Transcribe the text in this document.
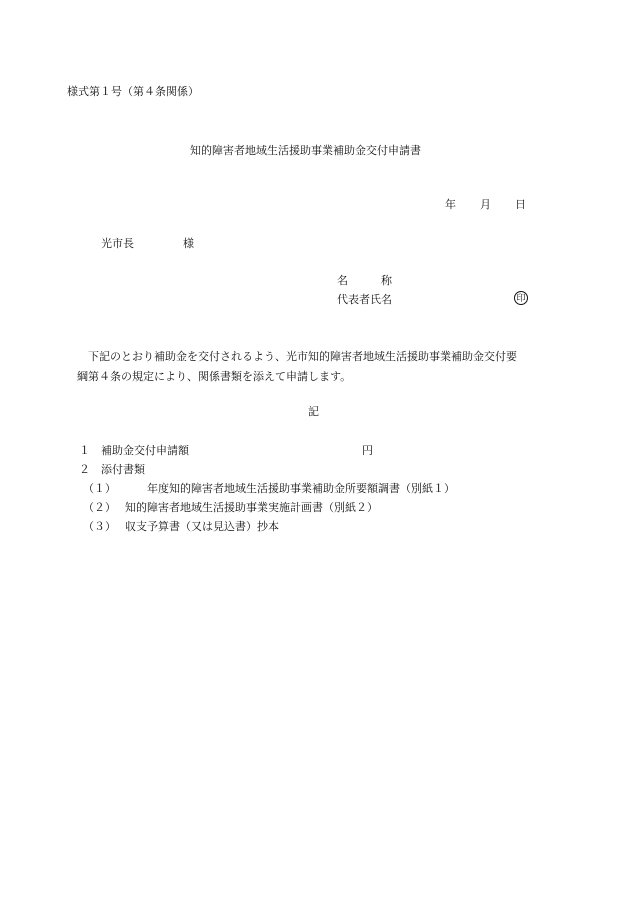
様式第１号（第４条関係）
知的障害者地域生活援助事業補助金交付申請書
年 月 日
光市長	様
名　　　称
代表者氏名	印
下記のとおり補助金を交付されるよう、光市知的障害者地域生活援助事業補助金交付要
綱第４条の規定により、関係書類を添えて申請します。
記
１ 補助金交付申請額	円
２ 添付書類
（１）	年度知的障害者地域生活援助事業補助金所要額調書（別紙１）
（２） 知的障害者地域生活援助事業実施計画書（別紙２）
（３） 収支予算書（又は見込書）抄本
